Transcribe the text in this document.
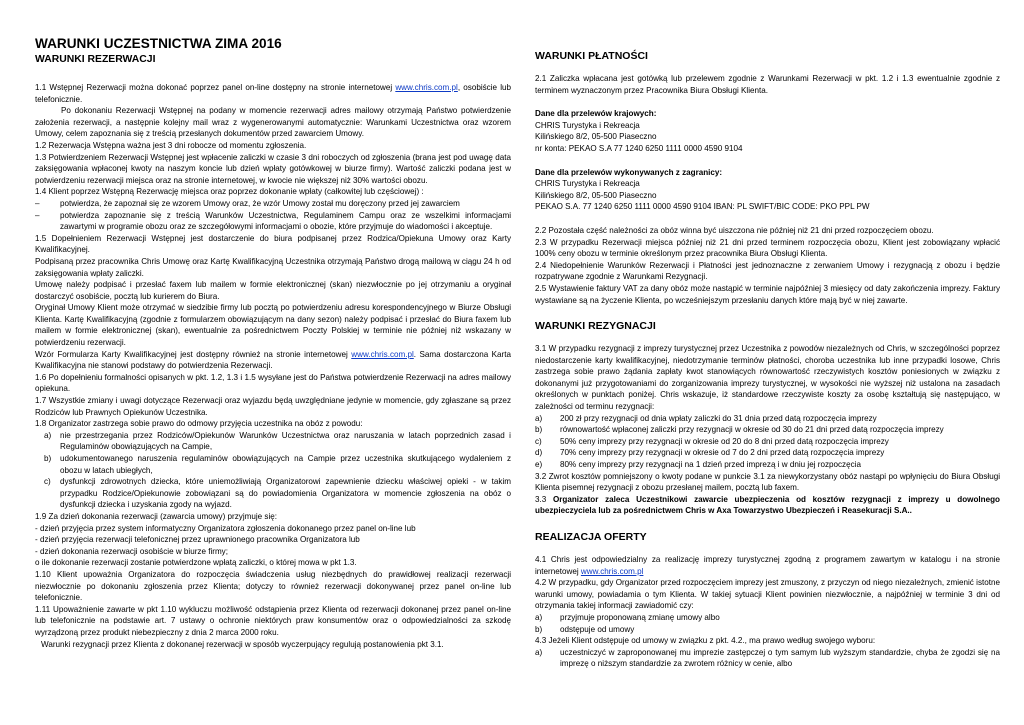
WARUNKI UCZESTNICTWA ZIMA 2016
WARUNKI REZERWACJI

1.1 Wstępnej Rezerwacji można dokonać poprzez panel on-line dostępny na stronie internetowej www.chris.com.pl, osobiście lub telefonicznie.

Po dokonaniu Rezerwacji Wstępnej na podany w momencie rezerwacji adres mailowy otrzymają Państwo potwierdzenie założenia rezerwacji, a następnie kolejny mail wraz z wygenerowanymi automatycznie: Warunkami Uczestnictwa oraz wzorem Umowy, celem zapoznania się z treścią przesłanych dokumentów przed zawarciem Umowy.

1.2 Rezerwacja Wstępna ważna jest 3 dni robocze od momentu zgłoszenia.

1.3 Potwierdzeniem Rezerwacji Wstępnej jest wpłacenie zaliczki w czasie 3 dni roboczych od zgłoszenia (brana jest pod uwagę data zaksięgowania wpłaconej kwoty na naszym koncie lub dzień wpłaty gotówkowej w biurze firmy). Wartość zaliczki podana jest w potwierdzeniu rezerwacji miejsca oraz na stronie internetowej, w kwocie nie większej niż 30% wartości obozu.

1.4 Klient poprzez Wstępną Rezerwację miejsca oraz poprzez dokonanie wpłaty (całkowitej lub częściowej) :

–	potwierdza, że zapoznał się ze wzorem Umowy oraz, że wzór Umowy został mu doręczony przed jej zawarciem

–	potwierdza zapoznanie się z treścią Warunków Uczestnictwa, Regulaminem Campu oraz ze wszelkimi informacjami zawartymi w programie obozu oraz ze szczegółowymi informacjami o obozie, które przyjmuje do wiadomości i akceptuje.

1.5 Dopełnieniem Rezerwacji Wstępnej jest dostarczenie do biura podpisanej przez Rodzica/Opiekuna Umowy oraz Karty Kwalifikacyjnej.

Podpisaną przez pracownika Chris Umowę oraz Kartę Kwalifikacyjną Uczestnika otrzymają Państwo drogą mailową w ciągu 24 h od zaksięgowania wpłaty zaliczki.

Umowę należy podpisać i przesłać faxem lub mailem w formie elektronicznej (skan) niezwłocznie po jej otrzymaniu a oryginał dostarczyć osobiście, pocztą lub kurierem do Biura.

Oryginał Umowy Klient może otrzymać w siedzibie firmy lub pocztą po potwierdzeniu adresu korespondencyjnego w Biurze Obsługi Klienta. Kartę Kwalifikacyjną (zgodnie z formularzem obowiązującym na dany sezon) należy podpisać i przesłać do Biura faxem lub mailem w formie elektronicznej (skan), ewentualnie za pośrednictwem Poczty Polskiej w terminie nie później niż wskazany w potwierdzeniu rezerwacji.

Wzór Formularza Karty Kwalifikacyjnej jest dostępny również na stronie internetowej www.chris.com.pl. Sama dostarczona Karta Kwalifikacyjna nie stanowi podstawy do potwierdzenia Rezerwacji.

1.6 Po dopełnieniu formalności opisanych w pkt. 1.2, 1.3 i 1.5 wysyłane jest do Państwa potwierdzenie Rezerwacji na adres mailowy opiekuna.

1.7 Wszystkie zmiany i uwagi dotyczące Rezerwacji oraz wyjazdu będą uwzględniane jedynie w momencie, gdy zgłaszane są przez Rodziców lub Prawnych Opiekunów Uczestnika.

1.8 Organizator zastrzega sobie prawo do odmowy przyjęcia uczestnika na obóz z powodu:

a) nie przestrzegania przez Rodziców/Opiekunów Warunków Uczestnictwa oraz naruszania w latach poprzednich zasad i Regulaminów obowiązujących na Campie,

b) udokumentowanego naruszenia regulaminów obowiązujących na Campie przez uczestnika skutkującego wydaleniem z obozu w latach ubiegłych,

c) dysfunkcji zdrowotnych dziecka, które uniemożliwiają Organizatorowi zapewnienie dziecku właściwej opieki - w takim przypadku Rodzice/Opiekunowie zobowiązani są do powiadomienia Organizatora w momencie zgłoszenia na obóz o dysfunkcji dziecka i uzyskania zgody na wyjazd.

1.9 Za dzień dokonania rezerwacji (zawarcia umowy) przyjmuje się:

- dzień przyjęcia przez system informatyczny Organizatora zgłoszenia dokonanego przez panel on-line lub

- dzień przyjęcia rezerwacji telefonicznej przez uprawnionego pracownika Organizatora lub

- dzień dokonania rezerwacji osobiście w biurze firmy;

o ile dokonanie rezerwacji zostanie potwierdzone wpłatą zaliczki, o której mowa w pkt 1.3.

1.10 Klient upoważnia Organizatora do rozpoczęcia świadczenia usług niezbędnych do prawidłowej realizacji rezerwacji niezwłocznie po dokonaniu zgłoszenia przez Klienta; dotyczy to również rezerwacji dokonywanej przez panel on-line lub telefonicznie.

1.11 Upoważnienie zawarte w pkt 1.10 wykluczu możliwość odstąpienia przez Klienta od rezerwacji dokonanej przez panel on-line lub telefonicznie na podstawie art. 7 ustawy o ochronie niektórych praw konsumentów oraz o odpowiedzialności za szkodę wyrządzoną przez produkt niebezpieczny z dnia 2 marca 2000 roku.

Warunki rezygnacji przez Klienta z dokonanej rezerwacji w sposób wyczerpujący regulują postanowienia pkt 3.1.

WARUNKI PŁATNOŚCI

2.1 Zaliczka wpłacana jest gotówką lub przelewem zgodnie z Warunkami Rezerwacji w pkt. 1.2 i 1.3 ewentualnie zgodnie z terminem wyznaczonym przez Pracownika Biura Obsługi Klienta.

Dane dla przelewów krajowych:

CHRIS Turystyka i Rekreacja

Kilińskiego 8/2, 05-500 Piaseczno

nr konta: PEKAO S.A 77 1240 6250 1111 0000 4590 9104

Dane dla przelewów wykonywanych z zagranicy:

CHRIS Turystyka i Rekreacja

Kilińskiego 8/2, 05-500 Piaseczno

PEKAO S.A. 77 1240 6250 1111 0000 4590 9104 IBAN: PL SWIFT/BIC CODE: PKO PPL PW

2.2 Pozostała część należności za obóz winna być uiszczona nie później niż 21 dni przed rozpoczęciem obozu.

2.3 W przypadku Rezerwacji miejsca później niż 21 dni przed terminem rozpoczęcia obozu, Klient jest zobowiązany wpłacić 100% ceny obozu w terminie określonym przez pracownika Biura Obsługi Klienta.

2.4 Niedopełnienie Warunków Rezerwacji i Płatności jest jednoznaczne z zerwaniem Umowy i rezygnacją z obozu i będzie rozpatrywane zgodnie z Warunkami Rezygnacji.

2.5 Wystawienie faktury VAT za dany obóz może nastąpić w terminie najpóźniej 3 miesięcy od daty zakończenia imprezy. Faktury wystawiane są na życzenie Klienta, po wcześniejszym przesłaniu danych które mają być w niej zawarte.

WARUNKI REZYGNACJI

3.1 W przypadku rezygnacji z imprezy turystycznej przez Uczestnika z powodów niezależnych od Chris, w szczególności poprzez niedostarczenie karty kwalifikacyjnej, niedotrzymanie terminów płatności, choroba uczestnika lub inne przypadki losowe, Chris zastrzega sobie prawo żądania zapłaty kwot stanowiących równowartość rzeczywistych kosztów poniesionych w związku z dokonanymi już przygotowaniami do zorganizowania imprezy turystycznej, w wysokości nie wyższej niż ustalona na zasadach określonych w punktach poniżej. Chris wskazuje, iż standardowe rzeczywiste koszty za osobę kształtują się następująco, w zależności od terminu rezygnacji:

a) 200 zł przy rezygnacji od dnia wpłaty zaliczki do 31 dnia przed datą rozpoczęcia imprezy

b) równowartość wpłaconej zaliczki przy rezygnacji w okresie od 30 do 21 dni przed datą rozpoczęcia imprezy

c) 50% ceny imprezy przy rezygnacji w okresie od 20 do 8 dni przed datą rozpoczęcia imprezy

d) 70% ceny imprezy przy rezygnacji w okresie od 7 do 2 dni przed datą rozpoczęcia imprezy

e) 80% ceny imprezy przy rezygnacji na 1 dzień przed imprezą i w dniu jej rozpoczęcia

3.2 Zwrot kosztów pomniejszony o kwoty podane w punkcie 3.1 za niewykorzystany obóz nastąpi po wpłynięciu do Biura Obsługi Klienta pisemnej rezygnacji z obozu przesłanej mailem, pocztą lub faxem.

3.3 Organizator zaleca Uczestnikowi zawarcie ubezpieczenia od kosztów rezygnacji z imprezy u dowolnego ubezpieczyciela lub za pośrednictwem Chris w Axa Towarzystwo Ubezpieczeń i Reasekuracji S.A..

REALIZACJA OFERTY

4.1 Chris jest odpowiedzialny za realizację imprezy turystycznej zgodną z programem zawartym w katalogu i na stronie internetowej www.chris.com.pl

4.2 W przypadku, gdy Organizator przed rozpoczęciem imprezy jest zmuszony, z przyczyn od niego niezależnych, zmienić istotne warunki umowy, powiadamia o tym Klienta. W takiej sytuacji Klient powinien niezwłocznie, a najpóźniej w terminie 3 dni od otrzymania takiej informacji zawiadomić czy:

a) przyjmuje proponowaną zmianę umowy albo

b) odstępuje od umowy

4.3 Jeżeli Klient odstępuje od umowy w związku z pkt. 4.2., ma prawo według swojego wyboru:

a) uczestniczyć w zaproponowanej mu imprezie zastępczej o tym samym lub wyższym standardzie, chyba że zgodzi się na imprezę o niższym standardzie za zwrotem różnicy w cenie, albo
